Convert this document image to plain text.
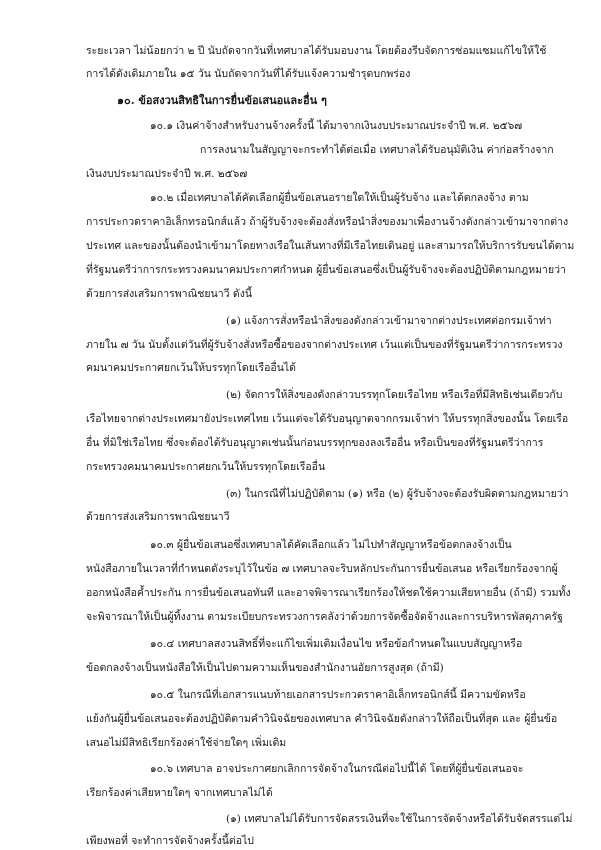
ระยะเวลา ไม่น้อยกว่า ๒ ปี นับถัดจากวันที่เทศบาลได้รับมอบงาน โดยต้องรีบจัดการซ่อมแซมแก้ไขให้ใช้
การได้ดังเดิมภายใน ๑๕ วัน นับถัดจากวันที่ได้รับแจ้งความชำรุดบกพร่อง
๑๐. ข้อสงวนสิทธิในการยื่นข้อเสนอและอื่น ๆ
๑๐.๑ เงินค่าจ้างสำหรับงานจ้างครั้งนี้ ได้มาจากเงินงบประมาณประจำปี พ.ศ. ๒๕๖๗
การลงนามในสัญญาจะกระทำได้ต่อเมื่อ เทศบาลได้รับอนุมัติเงิน ค่าก่อสร้างจาก
เงินงบประมาณประจำปี พ.ศ. ๒๕๖๗
๑๐.๒ เมื่อเทศบาลได้คัดเลือกผู้ยื่นข้อเสนอรายใดให้เป็นผู้รับจ้าง และได้ตกลงจ้าง ตาม
การประกวดราคาอิเล็กทรอนิกส์แล้ว ถ้าผู้รับจ้างจะต้องสั่งหรือนำสิ่งของมาเพื่องานจ้างดังกล่าวเข้ามาจากต่าง
ประเทศ และของนั้นต้องนำเข้ามาโดยทางเรือในเส้นทางที่มีเรือไทยเดินอยู่ และสามารถให้บริการรับขนได้ตาม
ที่รัฐมนตรีว่าการกระทรวงคมนาคมประกาศกำหนด ผู้ยื่นข้อเสนอซึ่งเป็นผู้รับจ้างจะต้องปฏิบัติตามกฎหมายว่า
ด้วยการส่งเสริมการพาณิชยนาวี ดังนี้
(๑) แจ้งการสั่งหรือนำสิ่งของดังกล่าวเข้ามาจากต่างประเทศต่อกรมเจ้าท่า
ภายใน ๗ วัน นับตั้งแต่วันที่ผู้รับจ้างสั่งหรือซื้อของจากต่างประเทศ เว้นแต่เป็นของที่รัฐมนตรีว่าการกระทรวง
คมนาคมประกาศยกเว้นให้บรรทุกโดยเรืออื่นได้
(๒) จัดการให้สิ่งของดังกล่าวบรรทุกโดยเรือไทย หรือเรือที่มีสิทธิเช่นเดียวกับ
เรือไทยจากต่างประเทศมายังประเทศไทย เว้นแต่จะได้รับอนุญาตจากกรมเจ้าท่า ให้บรรทุกสิ่งของนั้น โดยเรือ
อื่น ที่มิใช่เรือไทย ซึ่งจะต้องได้รับอนุญาตเช่นนั้นก่อนบรรทุกของลงเรืออื่น หรือเป็นของที่รัฐมนตรีว่าการ
กระทรวงคมนาคมประกาศยกเว้นให้บรรทุกโดยเรืออื่น
(๓) ในกรณีที่ไม่ปฏิบัติตาม (๑) หรือ (๒) ผู้รับจ้างจะต้องรับผิดตามกฎหมายว่า
ด้วยการส่งเสริมการพาณิชยนาวี
๑๐.๓ ผู้ยื่นข้อเสนอซึ่งเทศบาลได้คัดเลือกแล้ว ไม่ไปทำสัญญาหรือข้อตกลงจ้างเป็น
หนังสือภายในเวลาที่กำหนดดังระบุไว้ในข้อ ๗ เทศบาลจะริบหลักประกันการยื่นข้อเสนอ หรือเรียกร้องจากผู้
ออกหนังสือค้ำประกัน การยื่นข้อเสนอทันที และอาจพิจารณาเรียกร้องให้ชดใช้ความเสียหายอื่น (ถ้ามี) รวมทั้ง
จะพิจารณาให้เป็นผู้ทิ้งงาน ตามระเบียบกระทรวงการคลังว่าด้วยการจัดซื้อจัดจ้างและการบริหารพัสดุภาครัฐ
๑๐.๔ เทศบาลสงวนสิทธิ์ที่จะแก้ไขเพิ่มเติมเงื่อนไข หรือข้อกำหนดในแบบสัญญาหรือ
ข้อตกลงจ้างเป็นหนังสือให้เป็นไปตามความเห็นของสำนักงานอัยการสูงสุด (ถ้ามี)
๑๐.๕ ในกรณีที่เอกสารแนบท้ายเอกสารประกวดราคาอิเล็กทรอนิกส์นี้ มีความขัดหรือ
แย้งกันผู้ยื่นข้อเสนอจะต้องปฏิบัติตามคำวินิจฉัยของเทศบาล คำวินิจฉัยดังกล่าวให้ถือเป็นที่สุด และ ผู้ยื่นข้อ
เสนอไม่มีสิทธิเรียกร้องค่าใช้จ่ายใดๆ เพิ่มเติม
๑๐.๖ เทศบาล อาจประกาศยกเลิกการจัดจ้างในกรณีต่อไปนี้ได้ โดยที่ผู้ยื่นข้อเสนอจะ
เรียกร้องค่าเสียหายใดๆ จากเทศบาลไม่ได้
(๑) เทศบาลไม่ได้รับการจัดสรรเงินที่จะใช้ในการจัดจ้างหรือได้รับจัดสรรแต่ไม่
เพียงพอที่ จะทำการจัดจ้างครั้งนี้ต่อไป
